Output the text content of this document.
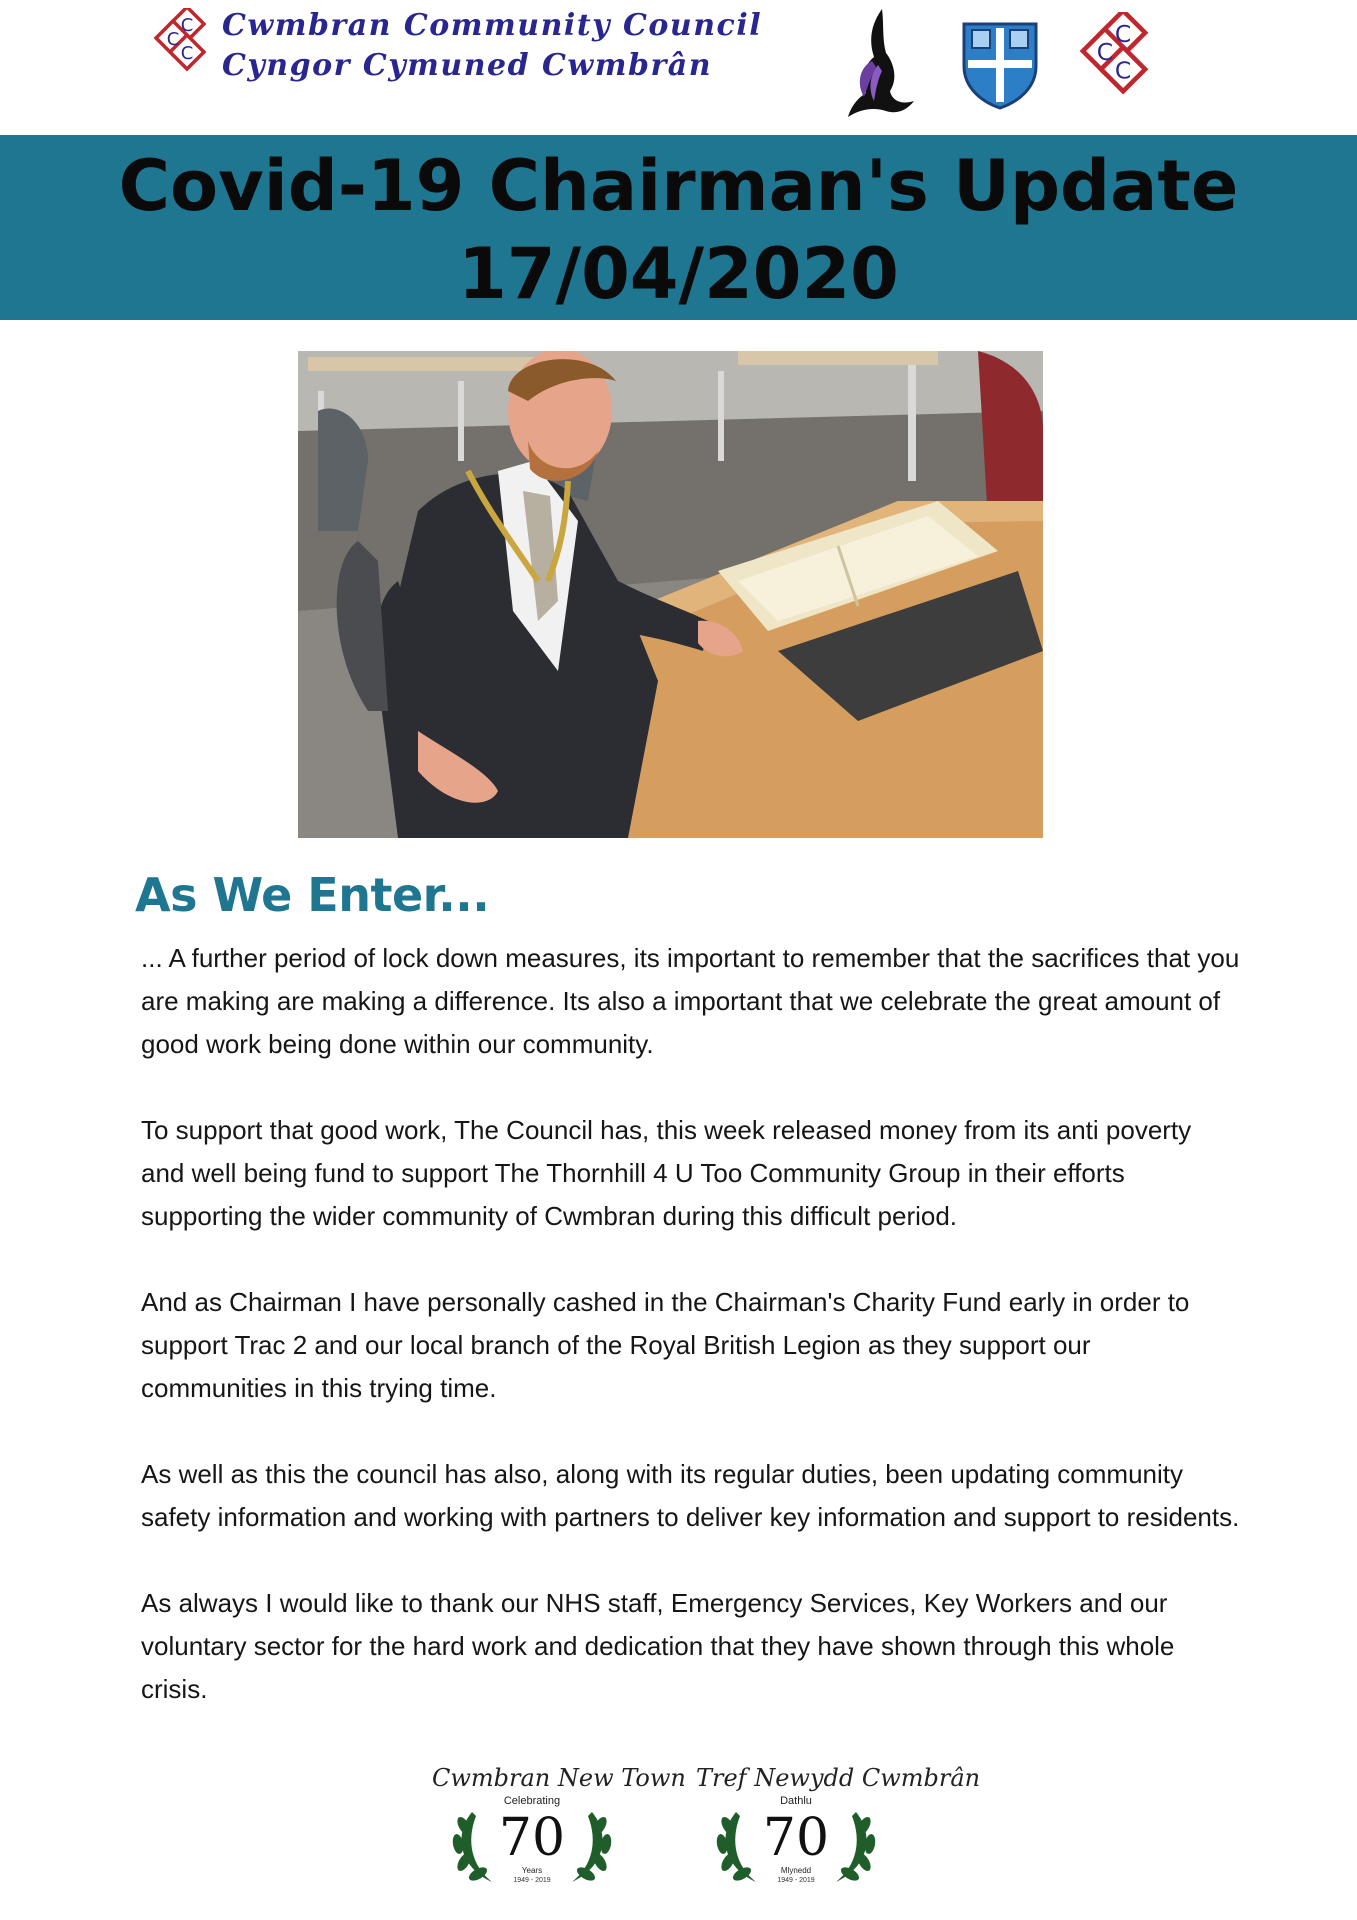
C
C
C
Cwmbran Community Council
Cyngor Cymuned Cwmbrân
C
C
C
Covid-19 Chairman's Update
17/04/2020
As We Enter...

... A further period of lock down measures, its important to remember that the sacrifices that you are making are making a difference. Its also a important that we celebrate the great amount of good work being done within our community.

To support that good work, The Council has, this week released money from its anti poverty and well being fund to support The Thornhill 4 U Too Community Group in their efforts supporting the wider community of Cwmbran during this difficult period.

And as Chairman I have personally cashed in the Chairman's Charity Fund early in order to support Trac 2 and our local branch of the Royal British Legion as they support our communities in this trying time.

As well as this the council has also, along with its regular duties, been updating community safety information and working with partners to deliver key information and support to residents.

As always I would like to thank our NHS staff, Emergency Services, Key Workers and our voluntary sector for the hard work and dedication that they have shown through this whole crisis.

Cwmbran New Town
Celebrating
70
Years
1949 - 2019
Tref Newydd Cwmbrân
Dathlu
70
Mlynedd
1949 - 2019
